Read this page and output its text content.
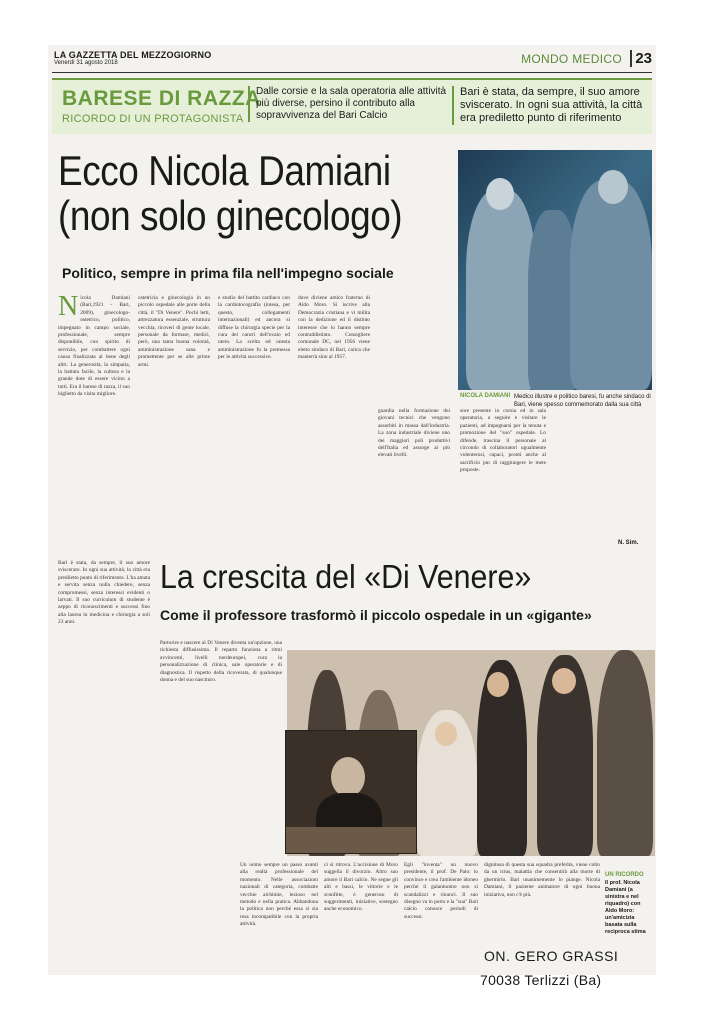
LA GAZZETTA DEL MEZZOGIORNO
Venerdì 31 agosto 2018	MONDO MEDICO 23
BARESE DI RAZZA
RICORDO DI UN PROTAGONISTA
Dalle corsie e la sala operatoria alle attività più diverse, persino il contributo alla sopravvivenza del Bari Calcio
Bari è stata, da sempre, il suo amore sviscerato. In ogni sua attività, la città era prediletto punto di riferimento
Ecco Nicola Damiani (non solo ginecologo)
Politico, sempre in prima fila nell'impegno sociale
NICOLA DAMIANI Medico illustre e politico baresi, fu anche sindaco di Bari, viene spesso commemorato dalla sua città
Nicola Damiani (Bari,1921 - Bari, 2009), ginecologo-ostetrico, politico, impegnato in campo sociale, professionale, sempre disponibile, con spirito di servizio, per combattere ogni causa finalizzata al bene degli altri. La generosità, la simpatia, la battuta facile, la cultura e la grande dote di essere vicino a tutti. Era il barese di razza, il suo biglietto da visita migliore.
ostetricia e ginecologia in un piccolo ospedale alle porte della città, il "Di Venere". Pochi letti, attrezzatura essenziale, struttura vecchia, ricoveri di gente locale, personale da formare, medici, però, una tanta buona volontà, amministrazione sana e promettente per se alle prime armi.
e studio del battito cardiaco con la cardiotocografia (intesa, per questo, collegamenti internazionali) ed ancora si diffuse la chirurgia specie per la cura dei cancri dell'ovaio ed utero. La scelta ed onesta amministrazione fu la premessa per le attività successive.
dove diviene amico fraterno di Aldo Moro. Si iscrive alla Democrazia cristiana e vi milita con la dedizione ed il distinto interesse che lo hanno sempre contraddistinto. Consigliere comunale DC, nel 1956 viene eletto sindaco di Bari, carica che manterrà sino al 1957.
guardia nella formazione dei giovani tecnici che vengono assorbiti in massa dall'industria. La zona industriale diviene uno dei maggiori poli produttivi dell'Italia ed assorge ai più elevati livelli.
sore presente in corsia ed in sala operatoria, a seguire e visitare le pazienti, ad impegnarsi per la tenuta e promozione del "suo" ospedale. Lo difende, trascina il personale al circondo di collaboratori ugualmente volenterosi, capaci, pronti anche al sacrificio pur di raggiungere le mete proposte.
N. Sim.
La crescita del «Di Venere»
Come il professore trasformò il piccolo ospedale in un «gigante»
Bari è stata, da sempre, il suo amore sviscerato. In ogni sua attività, la città era prediletto punto di riferimento. L'ha amata e servita senza nulla chiedere, senza compromessi, senza interessi evidenti o larvati. Il suo curriculum di studente è zeppo di riconoscimenti e successi fino alla laurea in medicina e chirurgia a soli 23 anni.
Partorire e nascere al Di Venere diventa un'opzione, una richiesta diffusissima. Il reparto funziona a ritmi avvincenti, livelli nordeuropei, cura la personalizzazione di clinica, sale operatorie e di diagnostica. Il rispetto della ricoverata, di qualunque donna e del suo nascituro.
Un uomo sempre un passo avanti alla realtà professionale del momento. Nelle associazioni nazionali di categoria, combatte vecchie alchimie, lezioso nel metodo e nella pratica. Abbandona la politica non perché essa si sia resa incompatibile con la propria attività.
ci si ritrova. L'uccisione di Moro suggella il divorzio. Altro suo amore il Bari calcio. Ne segue gli alti e bassi, le vittorie e le sconfitte, è generoso di suggerimenti, iniziative, sostegno anche economico.
Egli "inventa" un nuovo presidente, il prof. De Palo: lo convince e crea l'ambiente idoneo perché il galantuomo non si scandalizzi e rinunci. Il suo disegno va in porto e la "sua" Bari calcio conosce periodi di successi.
dignitosa di questa sua squadra preferita, viene colto da un ictus, malattia che consentirà alla morte di ghermirlo. Bari unanimemente lo piange. Nicola Damiani, il paziente animatore di ogni buona iniziativa, non c'è più.
UN RICORDO
Il prof. Nicola Damiani (a sinistra e nel riquadro) con Aldo Moro: un'amicizia basata sulla reciproca stima
ON. GERO GRASSI
70038 Terlizzi (Ba)
